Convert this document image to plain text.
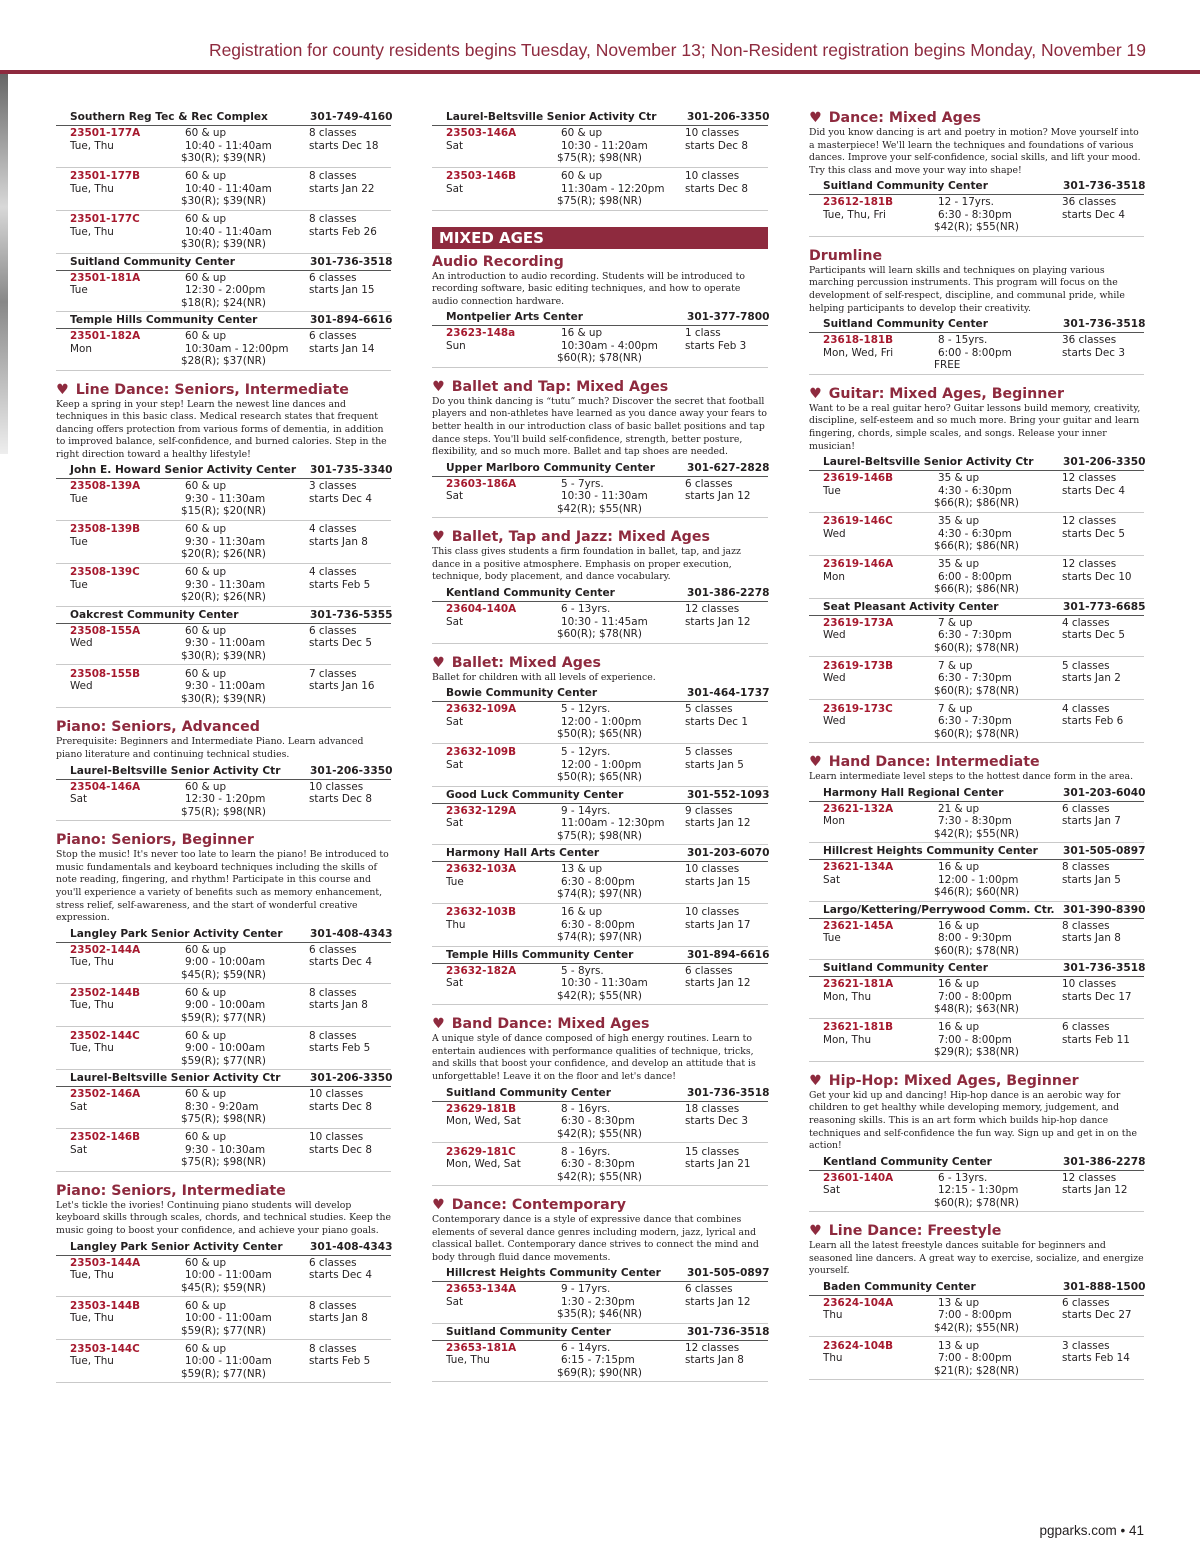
Registration for county residents begins Tuesday, November 13; Non-Resident registration begins Monday, November 19
Southern Reg Tec & Rec Complex	301-749-4160
23501-177A	60 & up	8 classes
Tue, Thu	10:40 - 11:40am	starts Dec 18
$30(R); $39(NR)
23501-177B	60 & up	8 classes
Tue, Thu	10:40 - 11:40am	starts Jan 22
$30(R); $39(NR)
23501-177C	60 & up	8 classes
Tue, Thu	10:40 - 11:40am	starts Feb 26
$30(R); $39(NR)
Suitland Community Center	301-736-3518
23501-181A	60 & up	6 classes
Tue	12:30 - 2:00pm	starts Jan 15
$18(R); $24(NR)
Temple Hills Community Center	301-894-6616
23501-182A	60 & up	6 classes
Mon	10:30am - 12:00pm	starts Jan 14
$28(R); $37(NR)
♥ Line Dance: Seniors, Intermediate
Keep a spring in your step! Learn the newest line dances and techniques in this basic class. Medical research states that frequent dancing offers protection from various forms of dementia, in addition to improved balance, self-confidence, and burned calories. Step in the right direction toward a healthy lifestyle!
John E. Howard Senior Activity Center 301-735-3340
23508-139A	60 & up	3 classes
Tue	9:30 - 11:30am	starts Dec 4
$15(R); $20(NR)
23508-139B	60 & up	4 classes
Tue	9:30 - 11:30am	starts Jan 8
$20(R); $26(NR)
23508-139C	60 & up	4 classes
Tue	9:30 - 11:30am	starts Feb 5
$20(R); $26(NR)
Oakcrest Community Center	301-736-5355
23508-155A	60 & up	6 classes
Wed	9:30 - 11:00am	starts Dec 5
$30(R); $39(NR)
23508-155B	60 & up	7 classes
Wed	9:30 - 11:00am	starts Jan 16
$30(R); $39(NR)
Piano: Seniors, Advanced
Prerequisite: Beginners and Intermediate Piano. Learn advanced piano literature and continuing technical studies.
Laurel-Beltsville Senior Activity Ctr	301-206-3350
23504-146A	60 & up	10 classes
Sat	12:30 - 1:20pm	starts Dec 8
$75(R); $98(NR)
Piano: Seniors, Beginner
Stop the music! It's never too late to learn the piano! Be introduced to music fundamentals and keyboard techniques including the skills of note reading, fingering, and rhythm! Participate in this course and you'll experience a variety of benefits such as memory enhancement, stress relief, self-awareness, and the start of wonderful creative expression.
Langley Park Senior Activity Center	301-408-4343
23502-144A	60 & up	6 classes
Tue, Thu	9:00 - 10:00am	starts Dec 4
$45(R); $59(NR)
23502-144B	60 & up	8 classes
Tue, Thu	9:00 - 10:00am	starts Jan 8
$59(R); $77(NR)
23502-144C	60 & up	8 classes
Tue, Thu	9:00 - 10:00am	starts Feb 5
$59(R); $77(NR)
Laurel-Beltsville Senior Activity Ctr	301-206-3350
23502-146A	60 & up	10 classes
Sat	8:30 - 9:20am	starts Dec 8
$75(R); $98(NR)
23502-146B	60 & up	10 classes
Sat	9:30 - 10:30am	starts Dec 8
$75(R); $98(NR)
Piano: Seniors, Intermediate
Let's tickle the ivories! Continuing piano students will develop keyboard skills through scales, chords, and technical studies. Keep the music going to boost your confidence, and achieve your piano goals.
Langley Park Senior Activity Center	301-408-4343
23503-144A	60 & up	6 classes
Tue, Thu	10:00 - 11:00am	starts Dec 4
$45(R); $59(NR)
23503-144B	60 & up	8 classes
Tue, Thu	10:00 - 11:00am	starts Jan 8
$59(R); $77(NR)
23503-144C	60 & up	8 classes
Tue, Thu	10:00 - 11:00am	starts Feb 5
$59(R); $77(NR)
Laurel-Beltsville Senior Activity Ctr	301-206-3350
23503-146A	60 & up	10 classes
Sat	10:30 - 11:20am	starts Dec 8
$75(R); $98(NR)
23503-146B	60 & up	10 classes
Sat	11:30am - 12:20pm	starts Dec 8
$75(R); $98(NR)
MIXED AGES
Audio Recording
An introduction to audio recording. Students will be introduced to recording software, basic editing techniques, and how to operate audio connection hardware.
Montpelier Arts Center	301-377-7800
23623-148a	16 & up	1 class
Sun	10:30am - 4:00pm	starts Feb 3
$60(R); $78(NR)
♥ Ballet and Tap: Mixed Ages
Do you think dancing is “tutu” much? Discover the secret that football players and non-athletes have learned as you dance away your fears to better health in our introduction class of basic ballet positions and tap dance steps. You'll build self-confidence, strength, better posture, flexibility, and so much more. Ballet and tap shoes are needed.
Upper Marlboro Community Center	301-627-2828
23603-186A	5 - 7yrs.	6 classes
Sat	10:30 - 11:30am	starts Jan 12
$42(R); $55(NR)
♥ Ballet, Tap and Jazz: Mixed Ages
This class gives students a firm foundation in ballet, tap, and jazz dance in a positive atmosphere. Emphasis on proper execution, technique, body placement, and dance vocabulary.
Kentland Community Center	301-386-2278
23604-140A	6 - 13yrs.	12 classes
Sat	10:30 - 11:45am	starts Jan 12
$60(R); $78(NR)
♥ Ballet: Mixed Ages
Ballet for children with all levels of experience.
Bowie Community Center	301-464-1737
23632-109A	5 - 12yrs.	5 classes
Sat	12:00 - 1:00pm	starts Dec 1
$50(R); $65(NR)
23632-109B	5 - 12yrs.	5 classes
Sat	12:00 - 1:00pm	starts Jan 5
$50(R); $65(NR)
Good Luck Community Center	301-552-1093
23632-129A	9 - 14yrs.	9 classes
Sat	11:00am - 12:30pm	starts Jan 12
$75(R); $98(NR)
Harmony Hall Arts Center	301-203-6070
23632-103A	13 & up	10 classes
Tue	6:30 - 8:00pm	starts Jan 15
$74(R); $97(NR)
23632-103B	16 & up	10 classes
Thu	6:30 - 8:00pm	starts Jan 17
$74(R); $97(NR)
Temple Hills Community Center	301-894-6616
23632-182A	5 - 8yrs.	6 classes
Sat	10:30 - 11:30am	starts Jan 12
$42(R); $55(NR)
♥ Band Dance: Mixed Ages
A unique style of dance composed of high energy routines. Learn to entertain audiences with performance qualities of technique, tricks, and skills that boost your confidence, and develop an attitude that is unforgettable! Leave it on the floor and let's dance!
Suitland Community Center	301-736-3518
23629-181B	8 - 16yrs.	18 classes
Mon, Wed, Sat	6:30 - 8:30pm	starts Dec 3
$42(R); $55(NR)
23629-181C	8 - 16yrs.	15 classes
Mon, Wed, Sat	6:30 - 8:30pm	starts Jan 21
$42(R); $55(NR)
♥ Dance: Contemporary
Contemporary dance is a style of expressive dance that combines elements of several dance genres including modern, jazz, lyrical and classical ballet. Contemporary dance strives to connect the mind and body through fluid dance movements.
Hillcrest Heights Community Center 301-505-0897
23653-134A	9 - 17yrs.	6 classes
Sat	1:30 - 2:30pm	starts Jan 12
$35(R); $46(NR)
Suitland Community Center	301-736-3518
23653-181A	6 - 14yrs.	12 classes
Tue, Thu	6:15 - 7:15pm	starts Jan 8
$69(R); $90(NR)
♥ Dance: Mixed Ages
Did you know dancing is art and poetry in motion? Move yourself into a masterpiece! We'll learn the techniques and foundations of various dances. Improve your self-confidence, social skills, and lift your mood. Try this class and move your way into shape!
Suitland Community Center	301-736-3518
23612-181B	12 - 17yrs.	36 classes
Tue, Thu, Fri	6:30 - 8:30pm	starts Dec 4
$42(R); $55(NR)
Drumline
Participants will learn skills and techniques on playing various marching percussion instruments. This program will focus on the development of self-respect, discipline, and communal pride, while helping participants to develop their creativity.
Suitland Community Center	301-736-3518
23618-181B	8 - 15yrs.	36 classes
Mon, Wed, Fri	6:00 - 8:00pm	starts Dec 3
FREE
♥ Guitar: Mixed Ages, Beginner
Want to be a real guitar hero? Guitar lessons build memory, creativity, discipline, self-esteem and so much more. Bring your guitar and learn fingering, chords, simple scales, and songs. Release your inner musician!
Laurel-Beltsville Senior Activity Ctr	301-206-3350
23619-146B	35 & up	12 classes
Tue	4:30 - 6:30pm	starts Dec 4
$66(R); $86(NR)
23619-146C	35 & up	12 classes
Wed	4:30 - 6:30pm	starts Dec 5
$66(R); $86(NR)
23619-146A	35 & up	12 classes
Mon	6:00 - 8:00pm	starts Dec 10
$66(R); $86(NR)
Seat Pleasant Activity Center	301-773-6685
23619-173A	7 & up	4 classes
Wed	6:30 - 7:30pm	starts Dec 5
$60(R); $78(NR)
23619-173B	7 & up	5 classes
Wed	6:30 - 7:30pm	starts Jan 2
$60(R); $78(NR)
23619-173C	7 & up	4 classes
Wed	6:30 - 7:30pm	starts Feb 6
$60(R); $78(NR)
♥ Hand Dance: Intermediate
Learn intermediate level steps to the hottest dance form in the area.
Harmony Hall Regional Center	301-203-6040
23621-132A	21 & up	6 classes
Mon	7:30 - 8:30pm	starts Jan 7
$42(R); $55(NR)
Hillcrest Heights Community Center 301-505-0897
23621-134A	16 & up	8 classes
Sat	12:00 - 1:00pm	starts Jan 5
$46(R); $60(NR)
Largo/Kettering/Perrywood Comm. Ctr. 301-390-8390
23621-145A	16 & up	8 classes
Tue	8:00 - 9:30pm	starts Jan 8
$60(R); $78(NR)
Suitland Community Center	301-736-3518
23621-181A	16 & up	10 classes
Mon, Thu	7:00 - 8:00pm	starts Dec 17
$48(R); $63(NR)
23621-181B	16 & up	6 classes
Mon, Thu	7:00 - 8:00pm	starts Feb 11
$29(R); $38(NR)
♥ Hip-Hop: Mixed Ages, Beginner
Get your kid up and dancing! Hip-hop dance is an aerobic way for children to get healthy while developing memory, judgement, and reasoning skills. This is an art form which builds hip-hop dance techniques and self-confidence the fun way. Sign up and get in on the action!
Kentland Community Center	301-386-2278
23601-140A	6 - 13yrs.	12 classes
Sat	12:15 - 1:30pm	starts Jan 12
$60(R); $78(NR)
♥ Line Dance: Freestyle
Learn all the latest freestyle dances suitable for beginners and seasoned line dancers. A great way to exercise, socialize, and energize yourself.
Baden Community Center	301-888-1500
23624-104A	13 & up	6 classes
Thu	7:00 - 8:00pm	starts Dec 27
$42(R); $55(NR)
23624-104B	13 & up	3 classes
Thu	7:00 - 8:00pm	starts Feb 14
$21(R); $28(NR)
pgparks.com • 41
